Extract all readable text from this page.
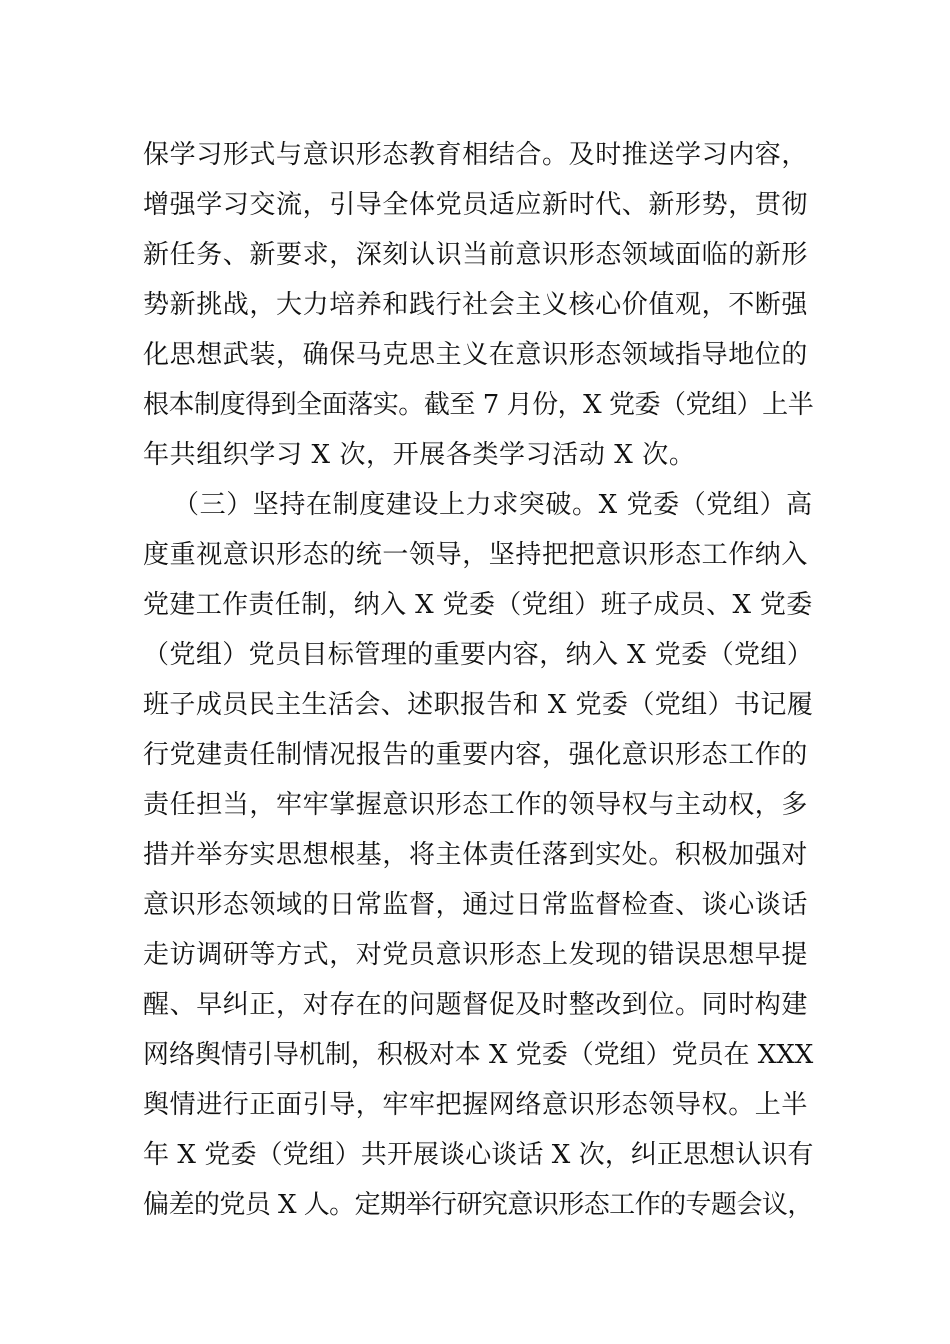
保学习形式与意识形态教育相结合。及时推送学习内容，
增强学习交流，引导全体党员适应新时代、新形势，贯彻
新任务、新要求，深刻认识当前意识形态领域面临的新形
势新挑战，大力培养和践行社会主义核心价值观，不断强
化思想武装，确保马克思主义在意识形态领域指导地位的
根本制度得到全面落实。截至 7 月份，X 党委（党组）上半
年共组织学习 X 次，开展各类学习活动 X 次。
（三）坚持在制度建设上力求突破。X 党委（党组）高
度重视意识形态的统一领导，坚持把把意识形态工作纳入
党建工作责任制，纳入 X 党委（党组）班子成员、X 党委
（党组）党员目标管理的重要内容，纳入 X 党委（党组）
班子成员民主生活会、述职报告和 X 党委（党组）书记履
行党建责任制情况报告的重要内容，强化意识形态工作的
责任担当，牢牢掌握意识形态工作的领导权与主动权，多
措并举夯实思想根基，将主体责任落到实处。积极加强对
意识形态领域的日常监督，通过日常监督检查、谈心谈话
走访调研等方式，对党员意识形态上发现的错误思想早提
醒、早纠正，对存在的问题督促及时整改到位。同时构建
网络舆情引导机制，积极对本 X 党委（党组）党员在 XXX
舆情进行正面引导，牢牢把握网络意识形态领导权。上半
年 X 党委（党组）共开展谈心谈话 X 次，纠正思想认识有
偏差的党员 X 人。定期举行研究意识形态工作的专题会议，
